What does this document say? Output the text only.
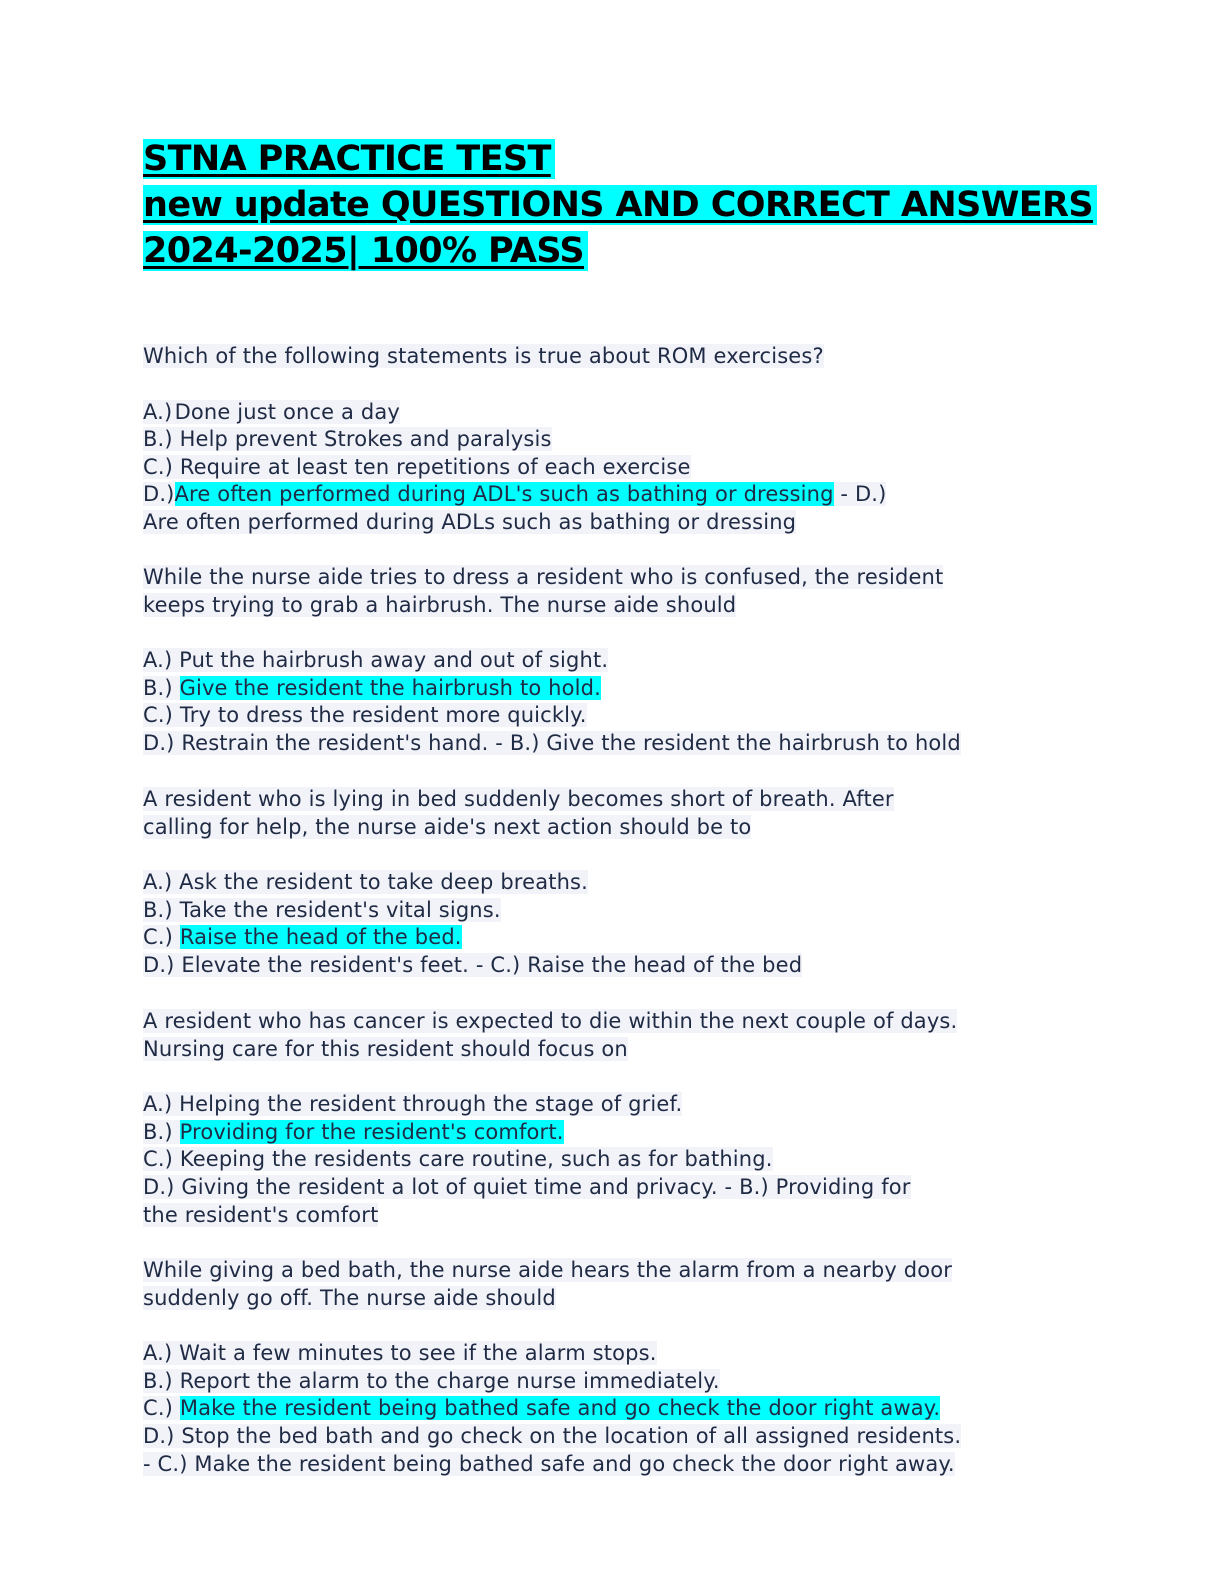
STNA PRACTICE TEST
new update QUESTIONS AND CORRECT ANSWERS
2024-2025| 100% PASS
Which of the following statements is true about ROM exercises?
A.)  Done just once a day
B.) Help prevent Strokes and paralysis
C.) Require at least ten repetitions of each exercise
D.)Are often performed during ADL's such as bathing or dressing - D.)
Are often performed during ADLs such as bathing or dressing
While the nurse aide tries to dress a resident who is confused, the resident
keeps trying to grab a hairbrush. The nurse aide should
A.) Put the hairbrush away and out of sight.
B.) Give the resident the hairbrush to hold.
C.) Try to dress the resident more quickly.
D.) Restrain the resident's hand. - B.) Give the resident the hairbrush to hold
A resident who is lying in bed suddenly becomes short of breath. After
calling for help, the nurse aide's next action should be to
A.) Ask the resident to take deep breaths.
B.) Take the resident's vital signs.
C.) Raise the head of the bed.
D.) Elevate the resident's feet. - C.) Raise the head of the bed
A resident who has cancer is expected to die within the next couple of days.
Nursing care for this resident should focus on
A.) Helping the resident through the stage of grief.
B.) Providing for the resident's comfort.
C.) Keeping the residents care routine, such as for bathing.
D.) Giving the resident a lot of quiet time and privacy. - B.) Providing for
the resident's comfort
While giving a bed bath, the nurse aide hears the alarm from a nearby door
suddenly go off. The nurse aide should
A.) Wait a few minutes to see if the alarm stops.
B.) Report the alarm to the charge nurse immediately.
C.) Make the resident being bathed safe and go check the door right away.
D.) Stop the bed bath and go check on the location of all assigned residents.
- C.) Make the resident being bathed safe and go check the door right away.
